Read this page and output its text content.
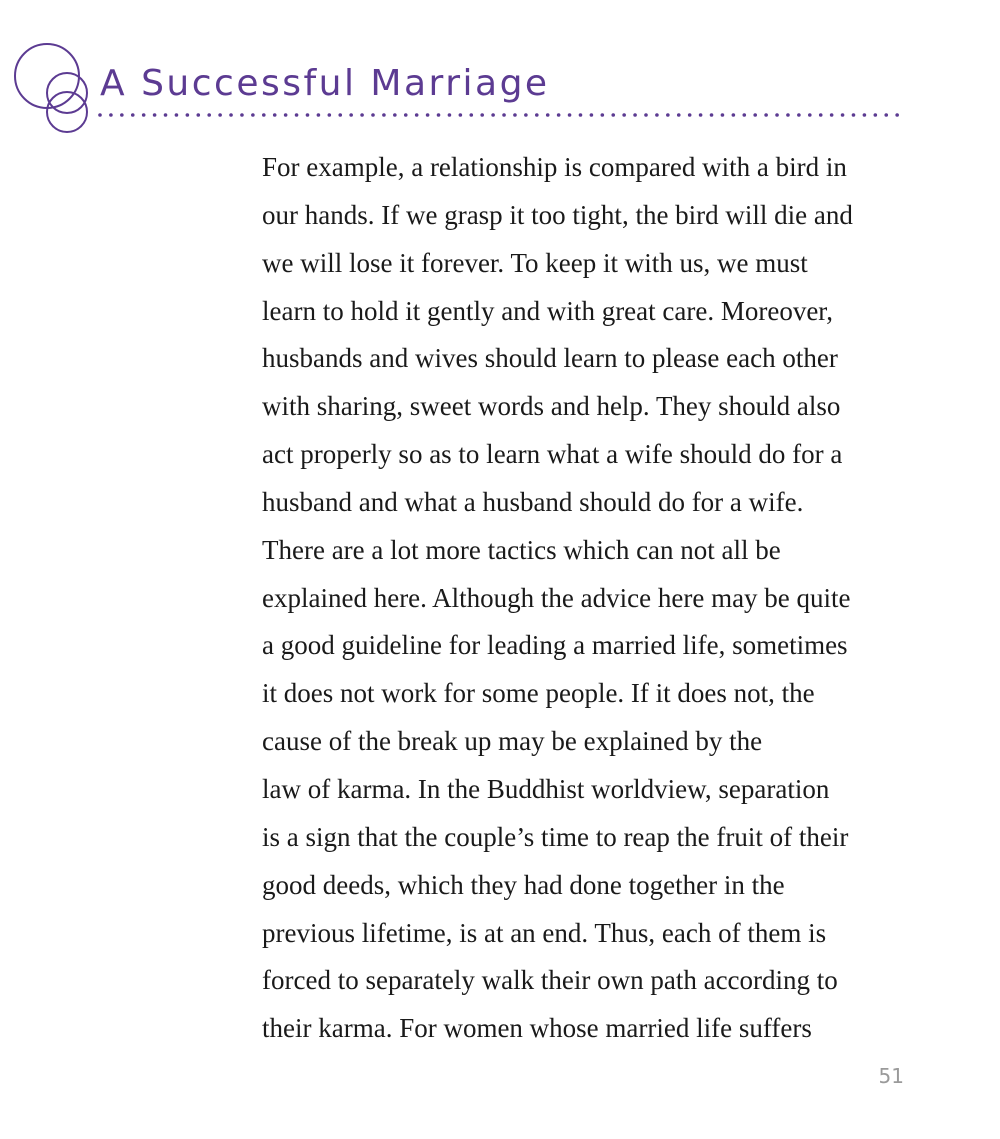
A Successful Marriage
For example, a relationship is compared with a bird in
our hands. If we grasp it too tight, the bird will die and
we will lose it forever. To keep it with us, we must
learn to hold it gently and with great care. Moreover,
husbands and wives should learn to please each other
with sharing, sweet words and help. They should also
act properly so as to learn what a wife should do for a
husband and what a husband should do for a wife.
There are a lot more tactics which can not all be
explained here. Although the advice here may be quite
a good guideline for leading a married life, sometimes
it does not work for some people. If it does not, the
cause of the break up may be explained by the
law of karma. In the Buddhist worldview, separation
is a sign that the couple’s time to reap the fruit of their
good deeds, which they had done together in the
previous lifetime, is at an end. Thus, each of them is
forced to separately walk their own path according to
their karma. For women whose married life suffers
51
